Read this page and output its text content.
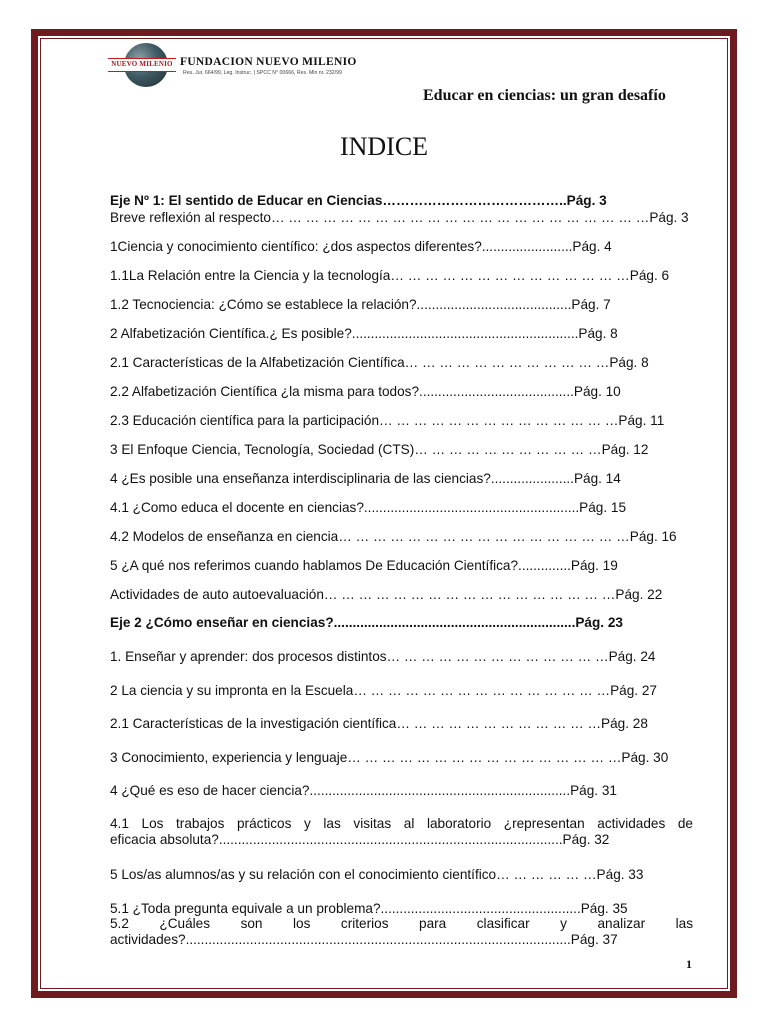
NUEVO MILENIO FUNDACION NUEVO MILENIO
Res. Jur. 664/99, Leg. Instruc. | SPCC N° 00666, Res. Min nr. 232/99
Educar en ciencias: un gran desafío
INDICE
Eje Nº 1: El sentido de Educar en Ciencias…………………………………..Pág. 3
Breve reflexión al respecto… … … … … … … … … … … … … … … … … … … … … …Pág. 3
1Ciencia y conocimiento científico: ¿dos aspectos diferentes?........................Pág. 4
1.1La Relación entre la Ciencia y la tecnología… … … … … … … … … … … … … …Pág. 6
1.2 Tecnociencia: ¿Cómo se establece la relación?.........................................Pág. 7
2 Alfabetización Científica.¿ Es posible?............................................................Pág. 8
2.1 Características de la Alfabetización Científica… … … … … … … … … … … …Pág. 8
2.2 Alfabetización Científica ¿la misma para todos?.........................................Pág. 10
2.3 Educación científica para la participación… … … … … … … … … … … … … …Pág. 11
3 El Enfoque Ciencia, Tecnología, Sociedad (CTS)… … … … … … … … … … …Pág. 12
4 ¿Es posible una enseñanza interdisciplinaria de las ciencias?......................Pág. 14
4.1 ¿Como educa el docente en ciencias?.........................................................Pág. 15
4.2 Modelos de enseñanza en ciencia… … … … … … … … … … … … … … … … …Pág. 16
5 ¿A qué nos referimos cuando hablamos De Educación Científica?..............Pág. 19
Actividades de auto autoevaluación… … … … … … … … … … … … … … … … …Pág. 22
Eje 2 ¿Cómo enseñar en ciencias?................................................................Pág. 23
1. Enseñar y aprender: dos procesos distintos… … … … … … … … … … … … …Pág. 24
2 La ciencia y su impronta en la Escuela… … … … … … … … … … … … … … …Pág. 27
2.1 Características de la investigación científica… … … … … … … … … … … …Pág. 28
3 Conocimiento, experiencia y lenguaje… … … … … … … … … … … … … … … …Pág. 30
4 ¿Qué es eso de hacer ciencia?.....................................................................Pág. 31
4.1 Los trabajos prácticos y las visitas al laboratorio ¿representan actividades de
eficacia absoluta?...........................................................................................Pág. 32
5 Los/as alumnos/as y su relación con el conocimiento científico… … … … … …Pág. 33
5.1 ¿Toda pregunta equivale a un problema?.....................................................Pág. 35
5.2 ¿Cuáles son los criterios para clasificar y analizar las
actividades?......................................................................................................Pág. 37
1
